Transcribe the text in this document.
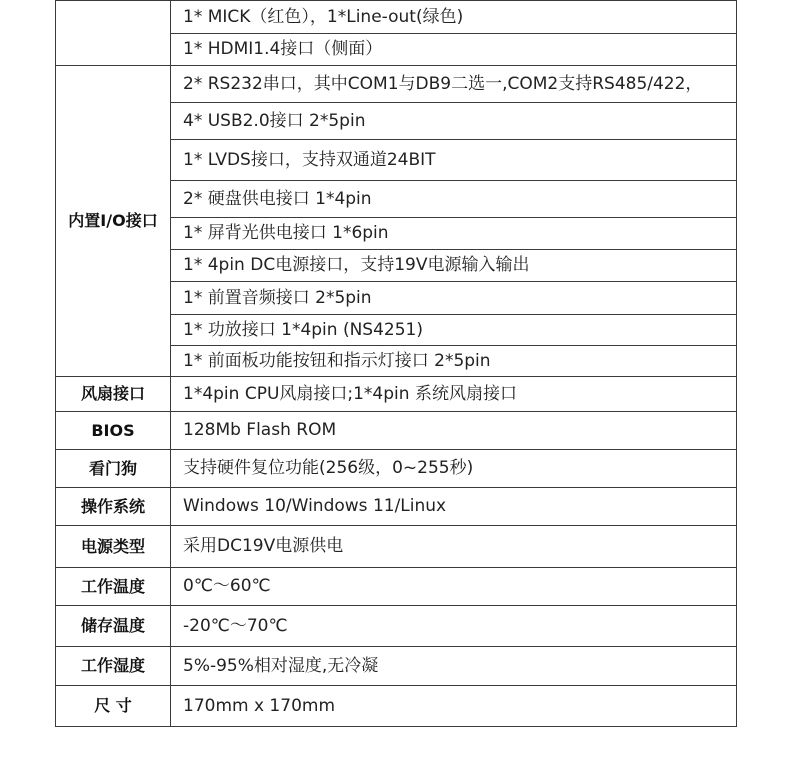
	1* MICK（红色），1*Line-out(绿色)
	1* HDMI1.4接口（侧面）
内置I/O接口	2* RS232串口，其中COM1与DB9二选一,COM2支持RS485/422，
	4* USB2.0接口 2*5pin
	1* LVDS接口，支持双通道24BIT
	2* 硬盘供电接口 1*4pin
	1* 屏背光供电接口 1*6pin
	1* 4pin DC电源接口，支持19V电源输入输出
	1* 前置音频接口 2*5pin
	1* 功放接口 1*4pin (NS4251)
	1* 前面板功能按钮和指示灯接口 2*5pin
风扇接口	1*4pin CPU风扇接口;1*4pin 系统风扇接口
BIOS	128Mb Flash ROM
看门狗	支持硬件复位功能(256级，0~255秒)
操作系统	Windows 10/Windows 11/Linux
电源类型	采用DC19V电源供电
工作温度	0℃～60℃
储存温度	-20℃～70℃
工作湿度	5%-95%相对湿度,无冷凝
尺 寸	170mm x 170mm
